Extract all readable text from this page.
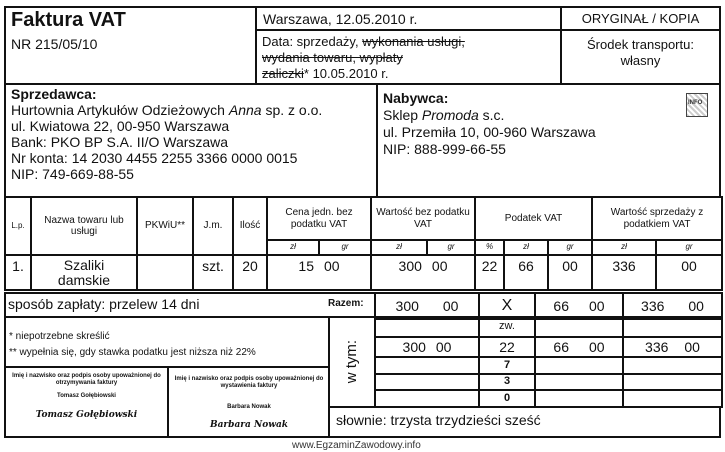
Faktura VAT
NR 215/05/10
Warszawa, 12.05.2010 r.
Data: sprzedaży, wykonania usługi,
wydania towaru, wypłaty
zaliczki* 10.05.2010 r.
ORYGINAŁ / KOPIA
Środek transportu:
własny
Sprzedawca:
Hurtownia Artykułów Odzieżowych Anna sp. z o.o.
ul. Kwiatowa 22, 00-950 Warszawa
Bank: PKO BP S.A. II/O Warszawa
Nr konta: 14 2030 4455 2255 3366 0000 0015
NIP: 749-669-88-55
Nabywca:
Sklep Promoda s.c.
ul. Przemiła 10, 00-960 Warszawa
NIP: 888-999-66-55
INFO
L.p.	Nazwa towaru lub usługi	PKWiU**	J.m.	Ilość	Cena jedn. bez podatku VAT		Wartość bez podatku VAT		Podatek VAT			Wartość sprzedaży z podatkiem VAT	
					zł	gr	zł	gr	%	zł	gr	zł	gr
1.	Szaliki damskie		szt.	20	15 00		300 00		22	66	00	336	00
sposób zapłaty: przelew 14 dni	Razem: 300 00	X	66 00	336 00
* niepotrzebne skreślić
** wypełnia się, gdy stawka podatku jest niższa niż 22%
Imię i nazwisko oraz podpis osoby upoważnionej do otrzymywania faktury
Tomasz Gołębiowski
Tomasz Gołębiowski
Imię i nazwisko oraz podpis osoby upoważnionej do wystawienia faktury
Barbara Nowak
Barbara Nowak
w tym:
	zw.		
300 00	22	66 00	336 00
	7		
	3		
	0		
słownie: trzysta trzydzieści sześć
www.EgzaminZawodowy.info
